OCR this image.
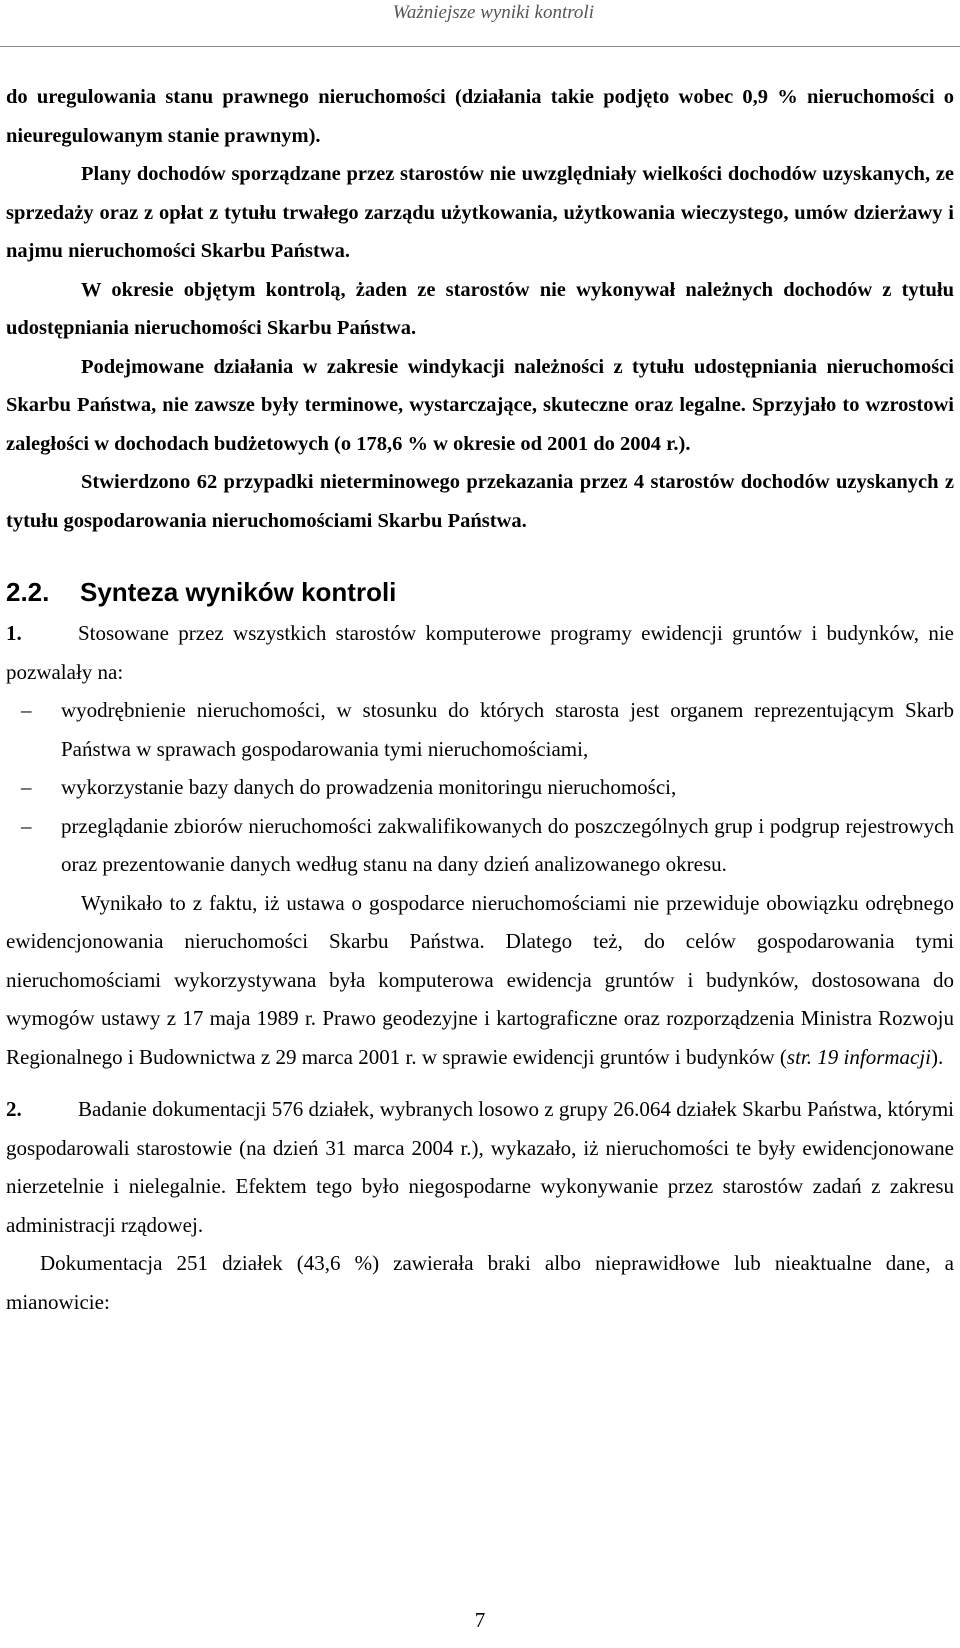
Ważniejsze wyniki kontroli

do uregulowania stanu prawnego nieruchomości (działania takie podjęto wobec 0,9 % nieruchomości o nieuregulowanym stanie prawnym).

Plany dochodów sporządzane przez starostów nie uwzględniały wielkości dochodów uzyskanych, ze sprzedaży oraz z opłat z tytułu trwałego zarządu użytkowania, użytkowania wieczystego, umów dzierżawy i najmu nieruchomości Skarbu Państwa.

W okresie objętym kontrolą, żaden ze starostów nie wykonywał należnych dochodów z tytułu udostępniania nieruchomości Skarbu Państwa.

Podejmowane działania w zakresie windykacji należności z tytułu udostępniania nieruchomości Skarbu Państwa, nie zawsze były terminowe, wystarczające, skuteczne oraz legalne. Sprzyjało to wzrostowi zaległości w dochodach budżetowych (o 178,6 % w okresie od 2001 do 2004 r.).

Stwierdzono 62 przypadki nieterminowego przekazania przez 4 starostów dochodów uzyskanych z tytułu gospodarowania nieruchomościami Skarbu Państwa.

2.2. Synteza wyników kontroli

1.	Stosowane przez wszystkich starostów komputerowe programy ewidencji gruntów i budynków, nie pozwalały na:

– wyodrębnienie nieruchomości, w stosunku do których starosta jest organem reprezentującym Skarb Państwa w sprawach gospodarowania tymi nieruchomościami,
– wykorzystanie bazy danych do prowadzenia monitoringu nieruchomości,
– przeglądanie zbiorów nieruchomości zakwalifikowanych do poszczególnych grup i podgrup rejestrowych oraz prezentowanie danych według stanu na dany dzień analizowanego okresu.

Wynikało to z faktu, iż ustawa o gospodarce nieruchomościami nie przewiduje obowiązku odrębnego ewidencjonowania nieruchomości Skarbu Państwa. Dlatego też, do celów gospodarowania tymi nieruchomościami wykorzystywana była komputerowa ewidencja gruntów i budynków, dostosowana do wymogów ustawy z 17 maja 1989 r. Prawo geodezyjne i kartograficzne oraz rozporządzenia Ministra Rozwoju Regionalnego i Budownictwa z 29 marca 2001 r. w sprawie ewidencji gruntów i budynków (str. 19 informacji).

2.	Badanie dokumentacji 576 działek, wybranych losowo z grupy 26.064 działek Skarbu Państwa, którymi gospodarowali starostowie (na dzień 31 marca 2004 r.), wykazało, iż nieruchomości te były ewidencjonowane nierzetelnie i nielegalnie. Efektem tego było niegospodarne wykonywanie przez starostów zadań z zakresu administracji rządowej.

Dokumentacja 251 działek (43,6 %) zawierała braki albo nieprawidłowe lub nieaktualne dane, a mianowicie:

7
